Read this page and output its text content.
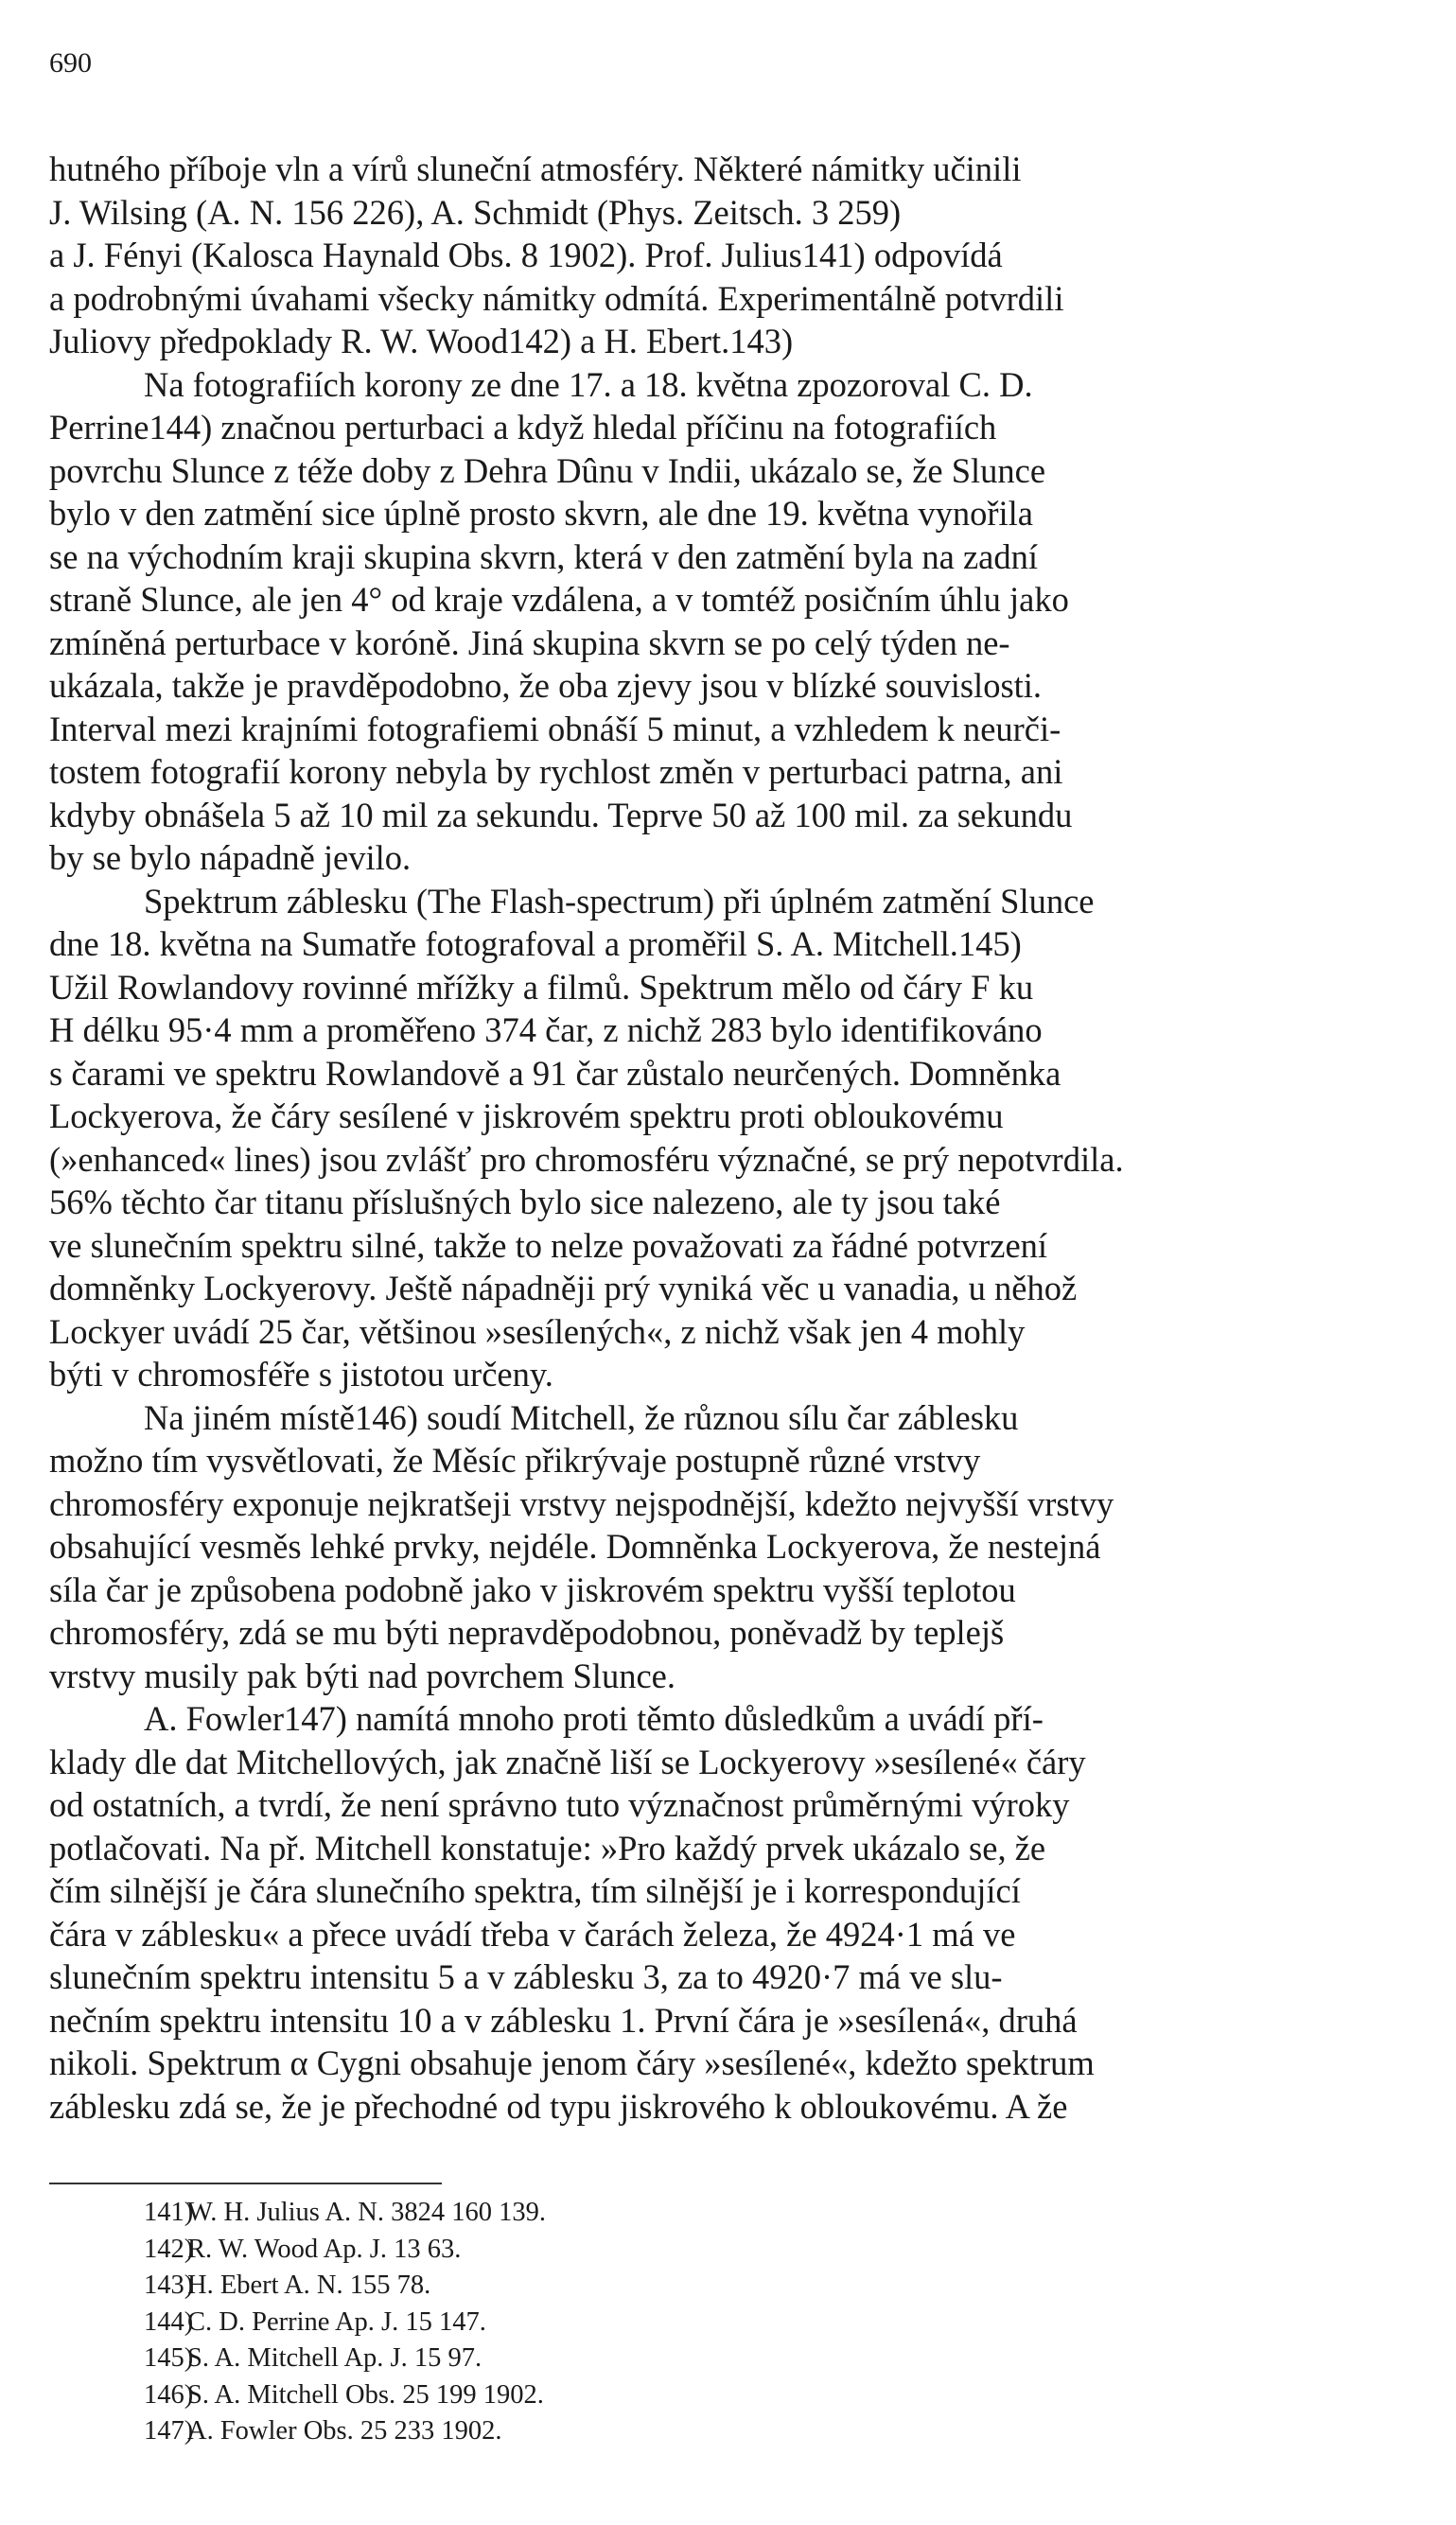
690
hutného příboje vln a vírů sluneční atmosféry. Některé námitky učinili
J. Wilsing (A. N. 156 226), A. Schmidt (Phys. Zeitsch. 3 259)
a J. Fényi (Kalosca Haynald Obs. 8 1902). Prof. Julius141) odpovídá
a podrobnými úvahami všecky námitky odmítá. Experimentálně potvrdili
Juliovy předpoklady R. W. Wood142) a H. Ebert.143)
Na fotografiích korony ze dne 17. a 18. května zpozoroval C. D.
Perrine144) značnou perturbaci a když hledal příčinu na fotografiích
povrchu Slunce z téže doby z Dehra Dûnu v Indii, ukázalo se, že Slunce
bylo v den zatmění sice úplně prosto skvrn, ale dne 19. května vynořila
se na východním kraji skupina skvrn, která v den zatmění byla na zadní
straně Slunce, ale jen 4° od kraje vzdálena, a v tomtéž posičním úhlu jako
zmíněná perturbace v koróně. Jiná skupina skvrn se po celý týden ne-
ukázala, takže je pravděpodobno, že oba zjevy jsou v blízké souvislosti.
Interval mezi krajními fotografiemi obnáší 5 minut, a vzhledem k neurči-
tostem fotografií korony nebyla by rychlost změn v perturbaci patrna, ani
kdyby obnášela 5 až 10 mil za sekundu. Teprve 50 až 100 mil. za sekundu
by se bylo nápadně jevilo.
Spektrum záblesku (The Flash-spectrum) při úplném zatmění Slunce
dne 18. května na Sumatře fotografoval a proměřil S. A. Mitchell.145)
Užil Rowlandovy rovinné mřížky a filmů. Spektrum mělo od čáry F ku
H délku 95·4 mm a proměřeno 374 čar, z nichž 283 bylo identifikováno
s čarami ve spektru Rowlandově a 91 čar zůstalo neurčených. Domněnka
Lockyerova, že čáry sesílené v jiskrovém spektru proti obloukovému
(»enhanced« lines) jsou zvlášť pro chromosféru význačné, se prý nepotvrdila.
56% těchto čar titanu příslušných bylo sice nalezeno, ale ty jsou také
ve slunečním spektru silné, takže to nelze považovati za řádné potvrzení
domněnky Lockyerovy. Ještě nápadněji prý vyniká věc u vanadia, u něhož
Lockyer uvádí 25 čar, většinou »sesílených«, z nichž však jen 4 mohly
býti v chromosféře s jistotou určeny.
Na jiném místě146) soudí Mitchell, že různou sílu čar záblesku
možno tím vysvětlovati, že Měsíc přikrývaje postupně různé vrstvy
chromosféry exponuje nejkratšeji vrstvy nejspodnější, kdežto nejvyšší vrstvy
obsahující vesměs lehké prvky, nejdéle. Domněnka Lockyerova, že nestejná
síla čar je způsobena podobně jako v jiskrovém spektru vyšší teplotou
chromosféry, zdá se mu býti nepravděpodobnou, poněvadž by teplejš
vrstvy musily pak býti nad povrchem Slunce.
A. Fowler147) namítá mnoho proti těmto důsledkům a uvádí pří-
klady dle dat Mitchellových, jak značně liší se Lockyerovy »sesílené« čáry
od ostatních, a tvrdí, že není správno tuto význačnost průměrnými výroky
potlačovati. Na př. Mitchell konstatuje: »Pro každý prvek ukázalo se, že
čím silnější je čára slunečního spektra, tím silnější je i korrespondující
čára v záblesku« a přece uvádí třeba v čarách železa, že 4924·1 má ve
slunečním spektru intensitu 5 a v záblesku 3, za to 4920·7 má ve slu-
nečním spektru intensitu 10 a v záblesku 1. První čára je »sesílená«, druhá
nikoli. Spektrum α Cygni obsahuje jenom čáry »sesílené«, kdežto spektrum
záblesku zdá se, že je přechodné od typu jiskrového k obloukovému. A že
141)W. H. Julius A. N. 3824 160 139.
142)R. W. Wood Ap. J. 13 63.
143)H. Ebert A. N. 155 78.
144)C. D. Perrine Ap. J. 15 147.
145)S. A. Mitchell Ap. J. 15 97.
146)S. A. Mitchell Obs. 25 199 1902.
147)A. Fowler Obs. 25 233 1902.
